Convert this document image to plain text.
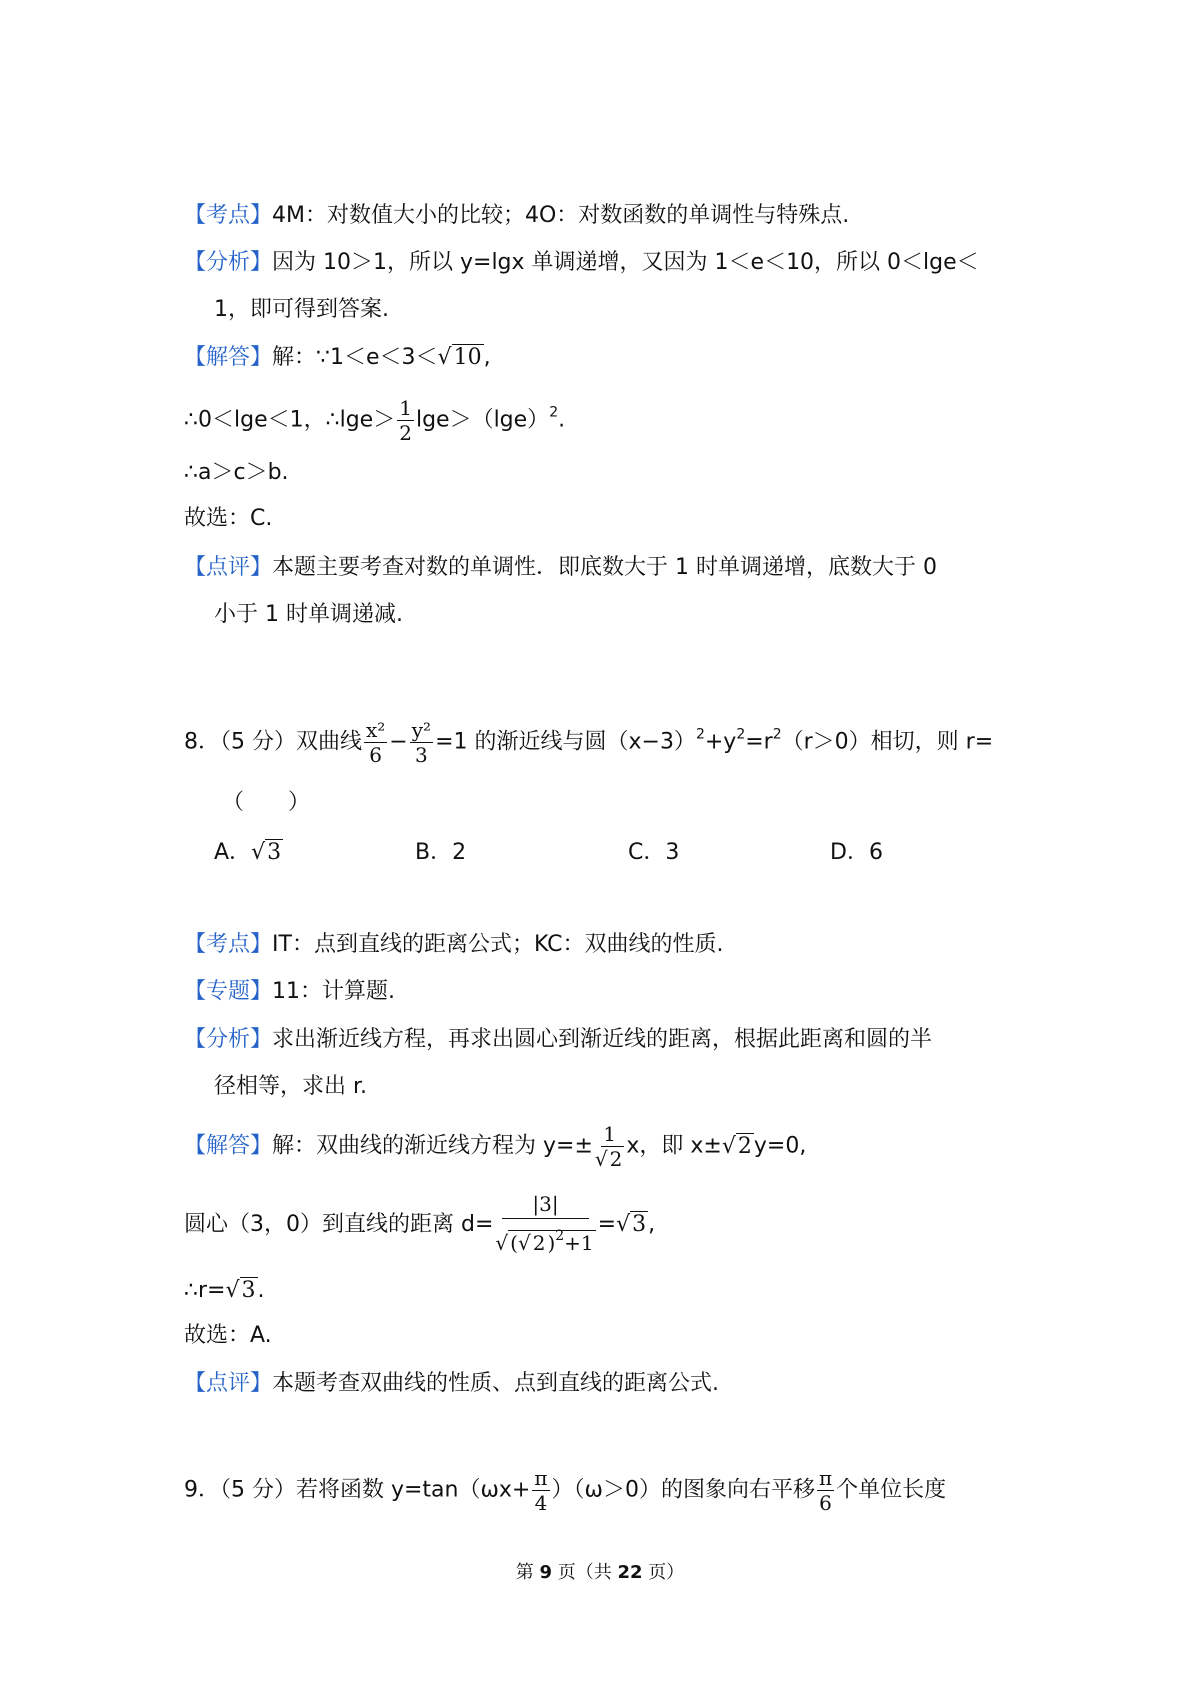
【考点】4M：对数值大小的比较；4O：对数函数的单调性与特殊点.
【分析】因为 10＞1，所以 y=lgx 单调递增，又因为 1＜e＜10，所以 0＜lge＜
1，即可得到答案.
【解答】解：∵1＜e＜3＜√10,
∴0＜lge＜1，∴lge＞ $\frac{1}{2} \lg e>(\lg e)^2$.
∴a＞c＞b.
故选：C.
【点评】本题主要考查对数的单调性．即底数大于 1 时单调递增，底数大于 0
小于 1 时单调递减.
8．（5 分）双曲线 $\frac{\text{x²}}{6} - \frac{\text{y²}}{3} =1$ 的渐近线与圆$(x-3)^2+y^2=r^2(r>0)$相切，则 r=
（　　）
A．√3	B．2	C．3	D．6
【考点】IT：点到直线的距离公式；KC：双曲线的性质.
【专题】11：计算题.
【分析】求出渐近线方程，再求出圆心到渐近线的距离，根据此距离和圆的半
径相等，求出 r.
【解答】解：双曲线的渐近线方程为 $y=\pm \frac{1}{√ 2}$ x，即 x±√2y=0,
圆心（3，0）到直线的距离 $d= \frac{|3|}{√ (√ 2 )^2+1} =√3$,
∴r=√3.
故选：A.
【点评】本题考查双曲线的性质、点到直线的距离公式.
9．（5 分）若将函数 $y=\tan(\omega x+ \frac{\pi}{4} )(\omega>0)$的图象向右平移 $\frac{\pi}{6}$ 个单位长度
第 9 页（共 22 页）
